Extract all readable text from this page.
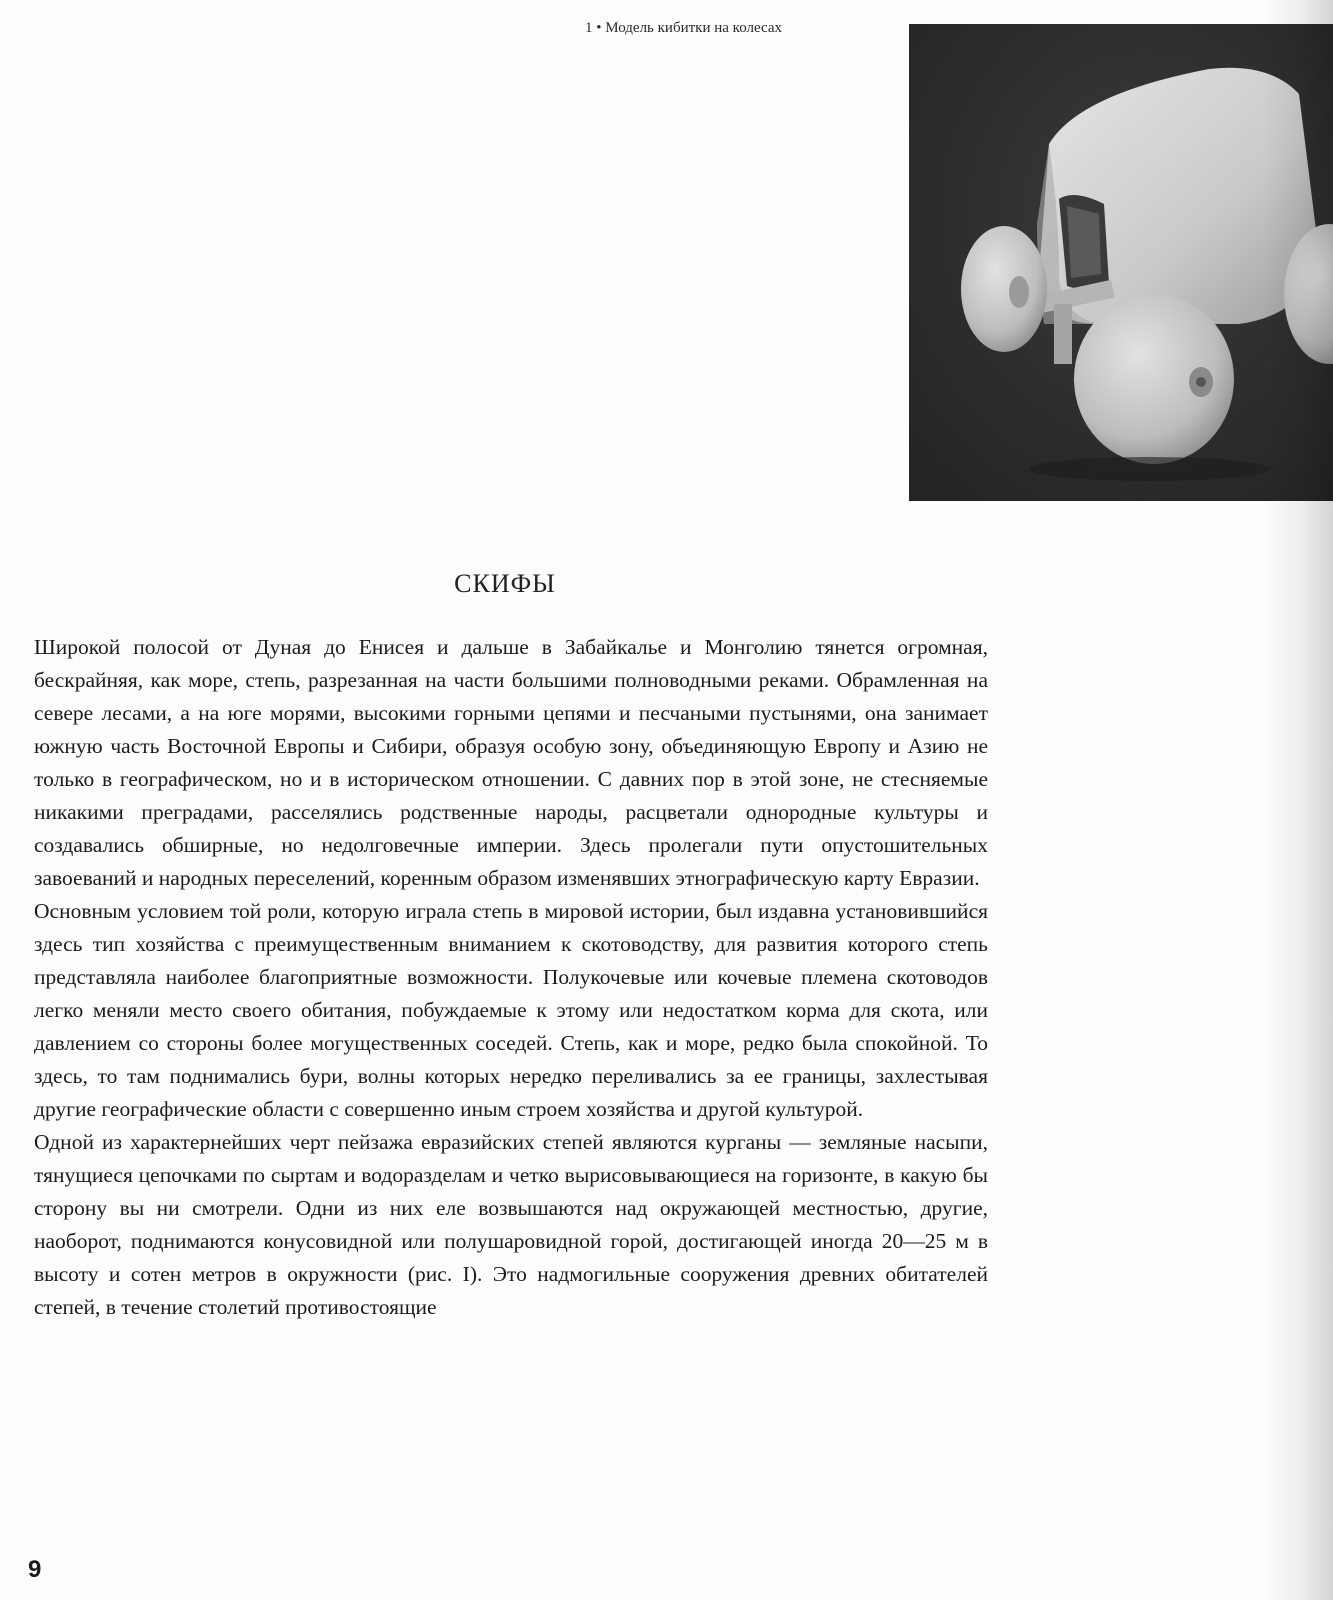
1 • Модель кибитки на колесах
СКИФЫ

Широкой полосой от Дуная до Енисея и дальше в Забайкалье и Монголию тянется огромная, бескрайняя, как море, степь, разрезанная на части большими полноводными реками. Обрамленная на севере лесами, а на юге морями, высокими горными цепями и песчаными пустынями, она занимает южную часть Восточной Европы и Сибири, образуя особую зону, объединяющую Европу и Азию не только в географическом, но и в историческом отношении. С давних пор в этой зоне, не стесняемые никакими преградами, расселялись родственные народы, расцветали однородные культуры и создавались обширные, но недолговечные империи. Здесь пролегали пути опустошительных завоеваний и народных переселений, коренным образом изменявших этнографическую карту Евразии.

Основным условием той роли, которую играла степь в мировой истории, был издавна установившийся здесь тип хозяйства с преимущественным вниманием к скотоводству, для развития которого степь представляла наиболее благоприятные возможности. Полукочевые или кочевые племена скотоводов легко меняли место своего обитания, побуждаемые к этому или недостатком корма для скота, или давлением со стороны более могущественных соседей. Степь, как и море, редко была спокойной. То здесь, то там поднимались бури, волны которых нередко переливались за ее границы, захлестывая другие географические области с совершенно иным строем хозяйства и другой культурой.

Одной из характернейших черт пейзажа евразийских степей являются курганы — земляные насыпи, тянущиеся цепочками по сыртам и водоразделам и четко вырисовывающиеся на горизонте, в какую бы сторону вы ни смотрели. Одни из них еле возвышаются над окружающей местностью, другие, наоборот, поднимаются конусовидной или полушаровидной горой, достигающей иногда 20—25 м в высоту и сотен метров в окружности (рис. I). Это надмогильные сооружения древних обитателей степей, в течение столетий противостоящие

9
